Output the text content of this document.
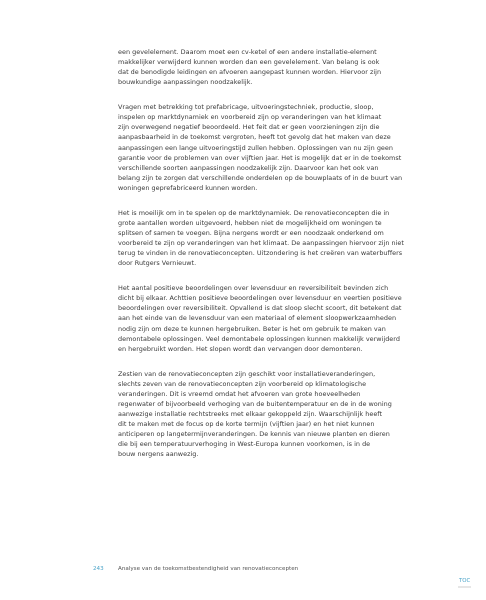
een gevelelement. Daarom moet een cv-ketel of een andere installatie-element
makkelijker verwijderd kunnen worden dan een gevelelement. Van belang is ook
dat de benodigde leidingen en afvoeren aangepast kunnen worden. Hiervoor zijn
bouwkundige aanpassingen noodzakelijk.

Vragen met betrekking tot prefabricage, uitvoeringstechniek, productie, sloop,
inspelen op marktdynamiek en voorbereid zijn op veranderingen van het klimaat
zijn overwegend negatief beoordeeld. Het feit dat er geen voorzieningen zijn die
aanpasbaarheid in de toekomst vergroten, heeft tot gevolg dat het maken van deze
aanpassingen een lange uitvoeringstijd zullen hebben. Oplossingen van nu zijn geen
garantie voor de problemen van over vijftien jaar. Het is mogelijk dat er in de toekomst
verschillende soorten aanpassingen noodzakelijk zijn. Daarvoor kan het ook van
belang zijn te zorgen dat verschillende onderdelen op de bouwplaats of in de buurt van
woningen geprefabriceerd kunnen worden.

Het is moeilijk om in te spelen op de marktdynamiek. De renovatieconcepten die in
grote aantallen worden uitgevoerd, hebben niet de mogelijkheid om woningen te
splitsen of samen te voegen. Bijna nergens wordt er een noodzaak onderkend om
voorbereid te zijn op veranderingen van het klimaat. De aanpassingen hiervoor zijn niet
terug te vinden in de renovatieconcepten. Uitzondering is het creëren van waterbuffers
door Rutgers Vernieuwt.

Het aantal positieve beoordelingen over levensduur en reversibiliteit bevinden zich
dicht bij elkaar. Achttien positieve beoordelingen over levensduur en veertien positieve
beoordelingen over reversibiliteit. Opvallend is dat sloop slecht scoort, dit betekent dat
aan het einde van de levensduur van een materiaal of element sloopwerkzaamheden
nodig zijn om deze te kunnen hergebruiken. Beter is het om gebruik te maken van
demontabele oplossingen. Veel demontabele oplossingen kunnen makkelijk verwijderd
en hergebruikt worden. Het slopen wordt dan vervangen door demonteren.

Zestien van de renovatieconcepten zijn geschikt voor installatieveranderingen,
slechts zeven van de renovatieconcepten zijn voorbereid op klimatologische
veranderingen. Dit is vreemd omdat het afvoeren van grote hoeveelheden
regenwater of bijvoorbeeld verhoging van de buitentemperatuur en de in de woning
aanwezige installatie rechtstreeks met elkaar gekoppeld zijn. Waarschijnlijk heeft
dit te maken met de focus op de korte termijn (vijftien jaar) en het niet kunnen
anticiperen op langetermijnveranderingen. De kennis van nieuwe planten en dieren
die bij een temperatuurverhoging in West-Europa kunnen voorkomen, is in de
bouw nergens aanwezig.

243	Analyse van de toekomstbestendigheid van renovatieconcepten
TOC
